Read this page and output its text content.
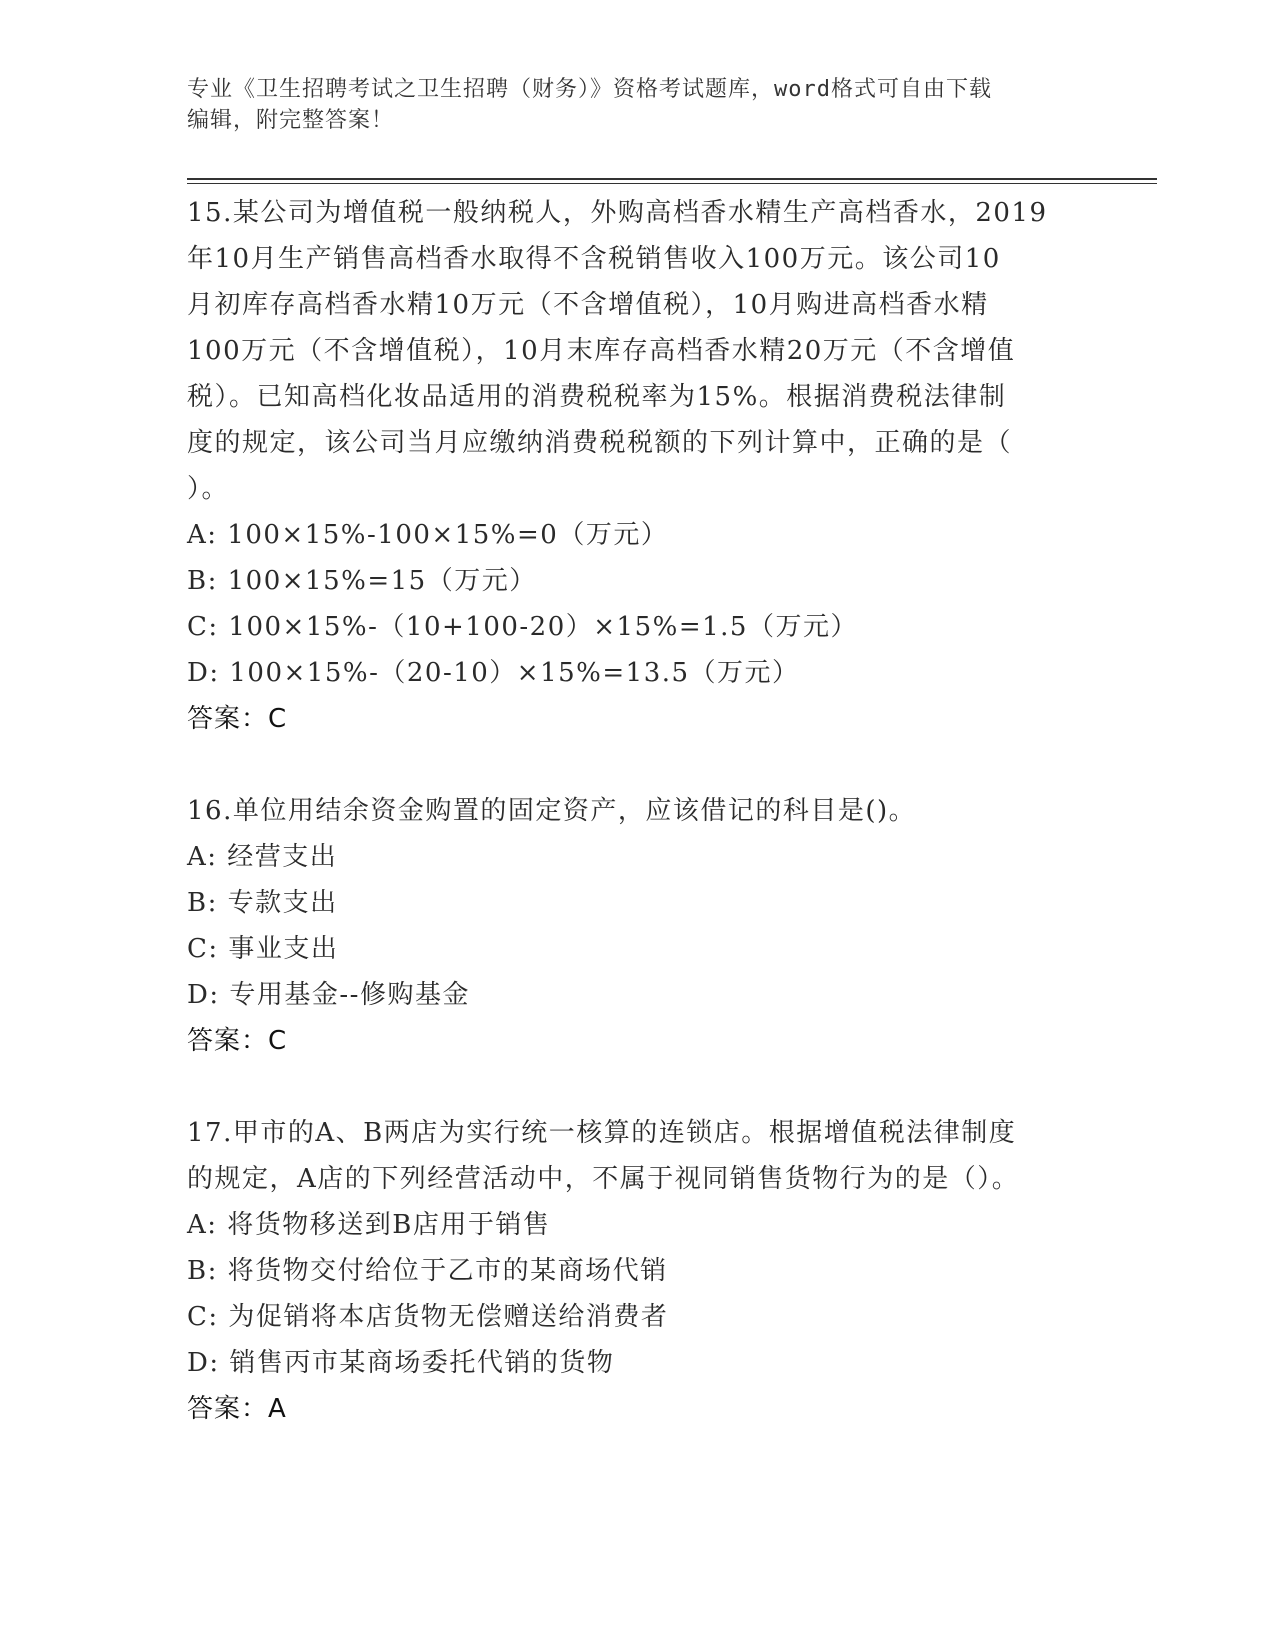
专业《卫生招聘考试之卫生招聘（财务）》资格考试题库，word格式可自由下载
编辑，附完整答案！
15.某公司为增值税一般纳税人，外购高档香水精生产高档香水，2019
年10月生产销售高档香水取得不含税销售收入100万元。该公司10
月初库存高档香水精10万元（不含增值税），10月购进高档香水精
100万元（不含增值税），10月末库存高档香水精20万元（不含增值
税）。已知高档化妆品适用的消费税税率为15%。根据消费税法律制
度的规定，该公司当月应缴纳消费税税额的下列计算中，正确的是（
）。
A: 100×15%-100×15%=0（万元）
B: 100×15%=15（万元）
C: 100×15%-（10+100-20）×15%=1.5（万元）
D: 100×15%-（20-10）×15%=13.5（万元）
答案：C
16.单位用结余资金购置的固定资产，应该借记的科目是()。
A: 经营支出
B: 专款支出
C: 事业支出
D: 专用基金--修购基金
答案：C
17.甲市的A、B两店为实行统一核算的连锁店。根据增值税法律制度
的规定，A店的下列经营活动中，不属于视同销售货物行为的是（）。
A: 将货物移送到B店用于销售
B: 将货物交付给位于乙市的某商场代销
C: 为促销将本店货物无偿赠送给消费者
D: 销售丙市某商场委托代销的货物
答案：A
